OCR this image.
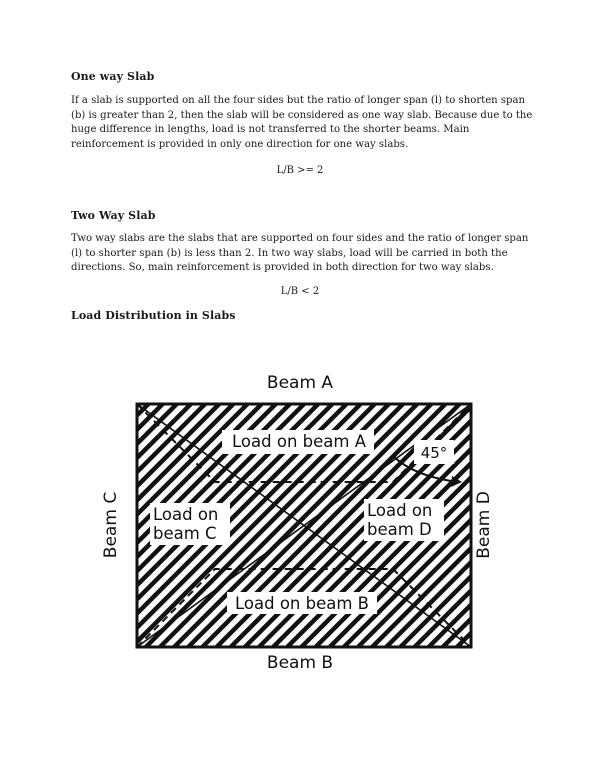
One way Slab

If a slab is supported on all the four sides but the ratio of longer span (l) to shorten span (b) is greater than 2, then the slab will be considered as one way slab. Because due to the huge difference in lengths, load is not transferred to the shorter beams. Main reinforcement is provided in only one direction for one way slabs.

L/B >= 2
Two Way Slab

Two way slabs are the slabs that are supported on four sides and the ratio of longer span (l) to shorter span (b) is less than 2. In two way slabs, load will be carried in both the directions. So, main reinforcement is provided in both direction for two way slabs.

L/B < 2
Load Distribution in Slabs
Beam A
Beam B
Beam C	Beam D
Load on beam A
Load on beam B
Load on
beam C
Load on
beam D
45°
